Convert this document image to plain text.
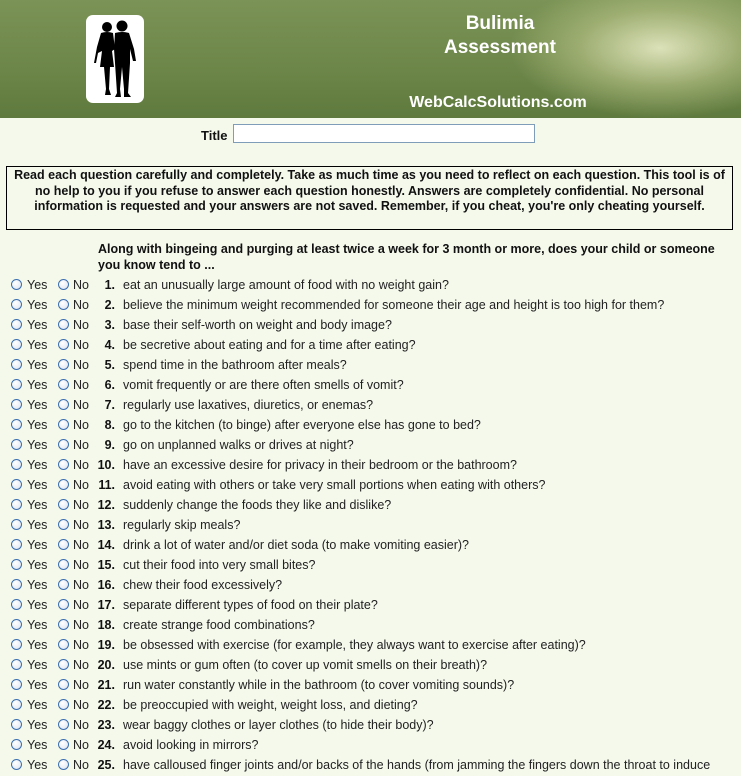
Bulimia
Assessment
WebCalcSolutions.com
Title
Read each question carefully and completely. Take as much time as you need to reflect on each question. This tool is of no help to you if you refuse to answer each question honestly. Answers are completely confidential. No personal information is requested and your answers are not saved. Remember, if you cheat, you're only cheating yourself.
Along with bingeing and purging at least twice a week for 3 month or more, does your child or someone you know tend to ...
Yes No 1. eat an unusually large amount of food with no weight gain?
Yes No 2. believe the minimum weight recommended for someone their age and height is too high for them?
Yes No 3. base their self-worth on weight and body image?
Yes No 4. be secretive about eating and for a time after eating?
Yes No 5. spend time in the bathroom after meals?
Yes No 6. vomit frequently or are there often smells of vomit?
Yes No 7. regularly use laxatives, diuretics, or enemas?
Yes No 8. go to the kitchen (to binge) after everyone else has gone to bed?
Yes No 9. go on unplanned walks or drives at night?
Yes No 10. have an excessive desire for privacy in their bedroom or the bathroom?
Yes No 11. avoid eating with others or take very small portions when eating with others?
Yes No 12. suddenly change the foods they like and dislike?
Yes No 13. regularly skip meals?
Yes No 14. drink a lot of water and/or diet soda (to make vomiting easier)?
Yes No 15. cut their food into very small bites?
Yes No 16. chew their food excessively?
Yes No 17. separate different types of food on their plate?
Yes No 18. create strange food combinations?
Yes No 19. be obsessed with exercise (for example, they always want to exercise after eating)?
Yes No 20. use mints or gum often (to cover up vomit smells on their breath)?
Yes No 21. run water constantly while in the bathroom (to cover vomiting sounds)?
Yes No 22. be preoccupied with weight, weight loss, and dieting?
Yes No 23. wear baggy clothes or layer clothes (to hide their body)?
Yes No 24. avoid looking in mirrors?
Yes No 25. have calloused finger joints and/or backs of the hands (from jamming the fingers down the throat to induce
